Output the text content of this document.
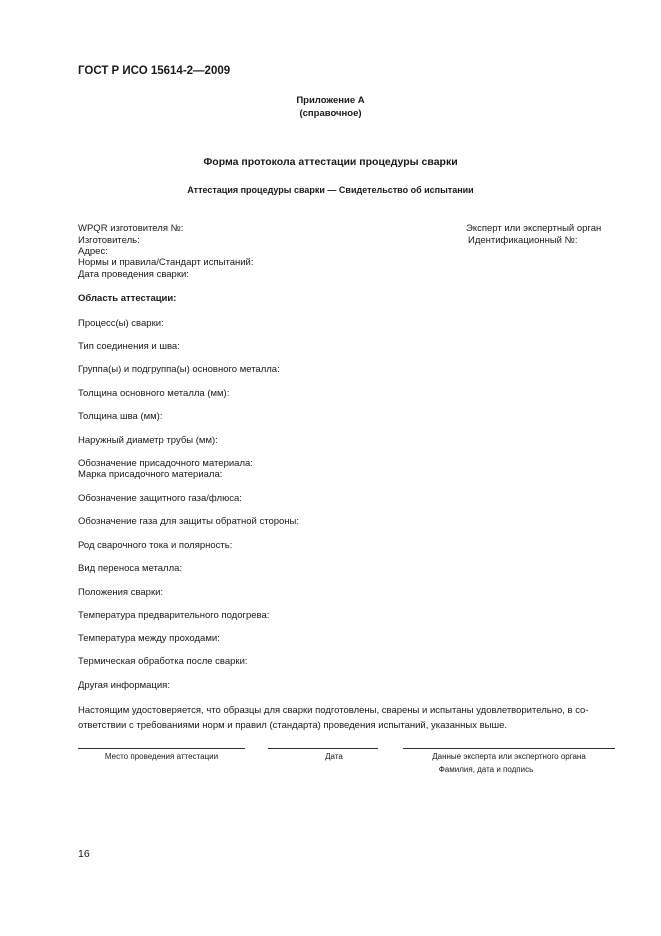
ГОСТ Р ИСО 15614-2—2009
Приложение А
(справочное)
Форма протокола аттестации процедуры сварки
Аттестация процедуры сварки — Свидетельство об испытании
WPQR изготовителя №:
Изготовитель:
Адрес:
Нормы и правила/Стандарт испытаний:
Дата проведения сварки:
Эксперт или экспертный орган
Идентификационный №:
Область аттестации:
Процесс(ы) сварки:
Тип соединения и шва:
Группа(ы) и подгруппа(ы) основного металла:
Толщина основного металла (мм):
Толщина шва (мм):
Наружный диаметр трубы (мм):
Обозначение присадочного материала:
Марка присадочного материала:
Обозначение защитного газа/флюса:
Обозначение газа для защиты обратной стороны:
Род сварочного тока и полярность:
Вид переноса металла:
Положения сварки:
Температура предварительного подогрева:
Температура между проходами:
Термическая обработка после сварки:
Другая информация:
Настоящим удостоверяется, что образцы для сварки подготовлены, сварены и испытаны удовлетворительно, в со-ответствии с требованиями норм и правил (стандарта) проведения испытаний, указанных выше.
Место проведения аттестации	Дата	Данные эксперта или экспертного органа
Фамилия, дата и подпись
16
